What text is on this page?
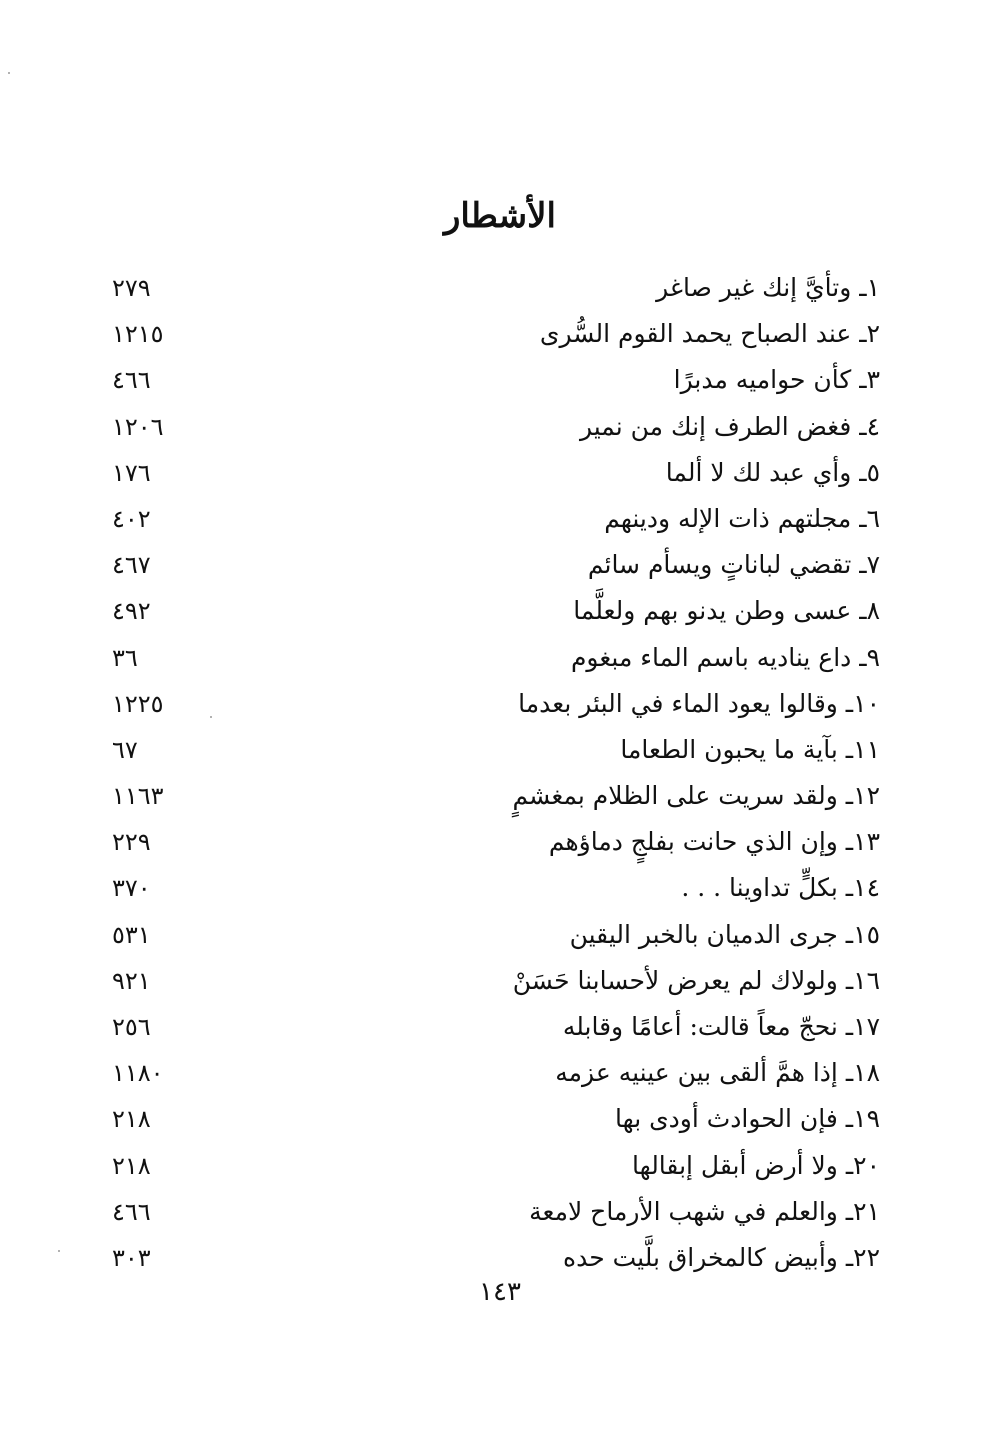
الأشطار
١ـ وتأيَّ إنك غير صاغر
٢٧٩
٢ـ عند الصباح يحمد القوم السُّرى
١٢١٥
٣ـ كأن حواميه مدبرًا
٤٦٦
٤ـ فغض الطرف إنك من نمير
١٢٠٦
٥ـ وأي عبد لك لا ألما
١٧٦
٦ـ مجلتهم ذات الإله ودينهم
٤٠٢
٧ـ تقضي لباناتٍ ويسأم سائم
٤٦٧
٨ـ عسى وطن يدنو بهم ولعلَّما
٤٩٢
٩ـ داع يناديه باسم الماء مبغوم
٣٦
١٠ـ وقالوا يعود الماء في البئر بعدما
١٢٢٥
١١ـ بآية ما يحبون الطعاما
٦٧
١٢ـ ولقد سريت على الظلام بمغشمٍ
١١٦٣
١٣ـ وإن الذي حانت بفلجٍ دماؤهم
٢٢٩
١٤ـ بكلٍّ تداوينا . . .
٣٧٠
١٥ـ جرى الدميان بالخبر اليقين
٥٣١
١٦ـ ولولاك لم يعرض لأحسابنا حَسَنْ
٩٢١
١٧ـ نحجّ معاً قالت: أعامًا وقابله
٢٥٦
١٨ـ إذا همَّ ألقى بين عينيه عزمه
١١٨٠
١٩ـ فإن الحوادث أودى بها
٢١٨
٢٠ـ ولا أرض أبقل إبقالها
٢١٨
٢١ـ والعلم في شهب الأرماح لامعة
٤٦٦
٢٢ـ وأبيض كالمخراق بلَّيت حده
٣٠٣
١٤٣
